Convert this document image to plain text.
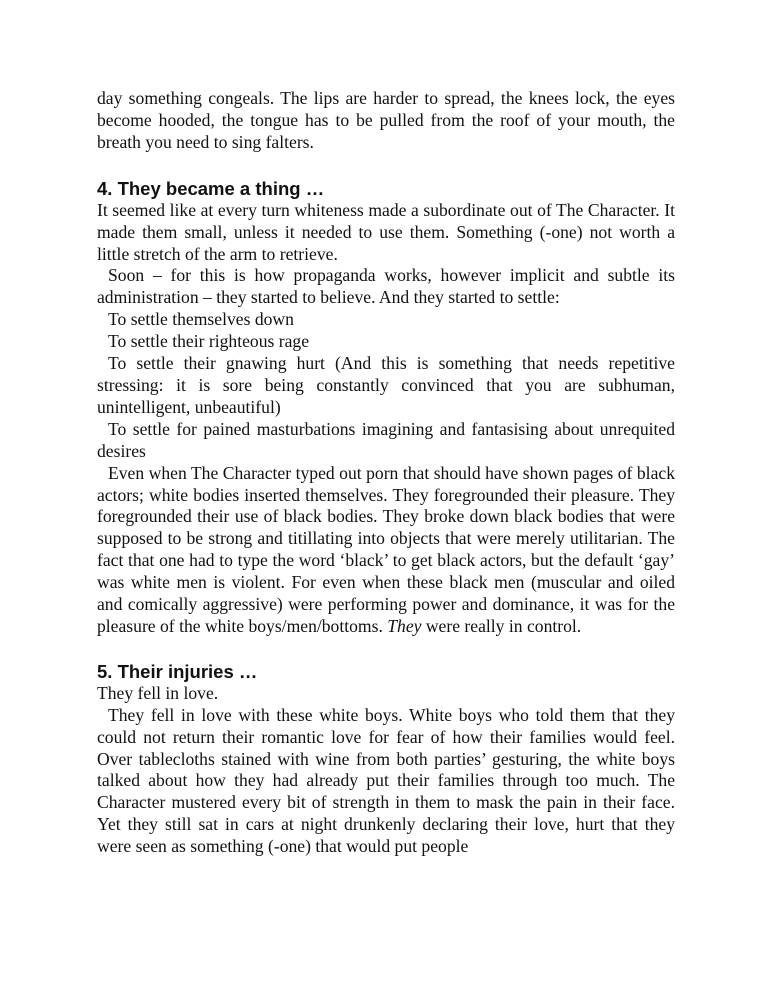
day something congeals. The lips are harder to spread, the knees lock, the eyes become hooded, the tongue has to be pulled from the roof of your mouth, the breath you need to sing falters.

4. They became a thing …

It seemed like at every turn whiteness made a subordinate out of The Character. It made them small, unless it needed to use them. Something (-one) not worth a little stretch of the arm to retrieve.

Soon – for this is how propaganda works, however implicit and subtle its administration – they started to believe. And they started to settle:

To settle themselves down

To settle their righteous rage

To settle their gnawing hurt (And this is something that needs repetitive stressing: it is sore being constantly convinced that you are subhuman, unintelligent, unbeautiful)

To settle for pained masturbations imagining and fantasising about unrequited desires

Even when The Character typed out porn that should have shown pages of black actors; white bodies inserted themselves. They foregrounded their pleasure. They foregrounded their use of black bodies. They broke down black bodies that were supposed to be strong and titillating into objects that were merely utilitarian. The fact that one had to type the word ‘black’ to get black actors, but the default ‘gay’ was white men is violent. For even when these black men (muscular and oiled and comically aggressive) were performing power and dominance, it was for the pleasure of the white boys/men/bottoms. They were really in control.

5. Their injuries …

They fell in love.

They fell in love with these white boys. White boys who told them that they could not return their romantic love for fear of how their families would feel. Over tablecloths stained with wine from both parties’ gesturing, the white boys talked about how they had already put their families through too much. The Character mustered every bit of strength in them to mask the pain in their face. Yet they still sat in cars at night drunkenly declaring their love, hurt that they were seen as something (-one) that would put people
